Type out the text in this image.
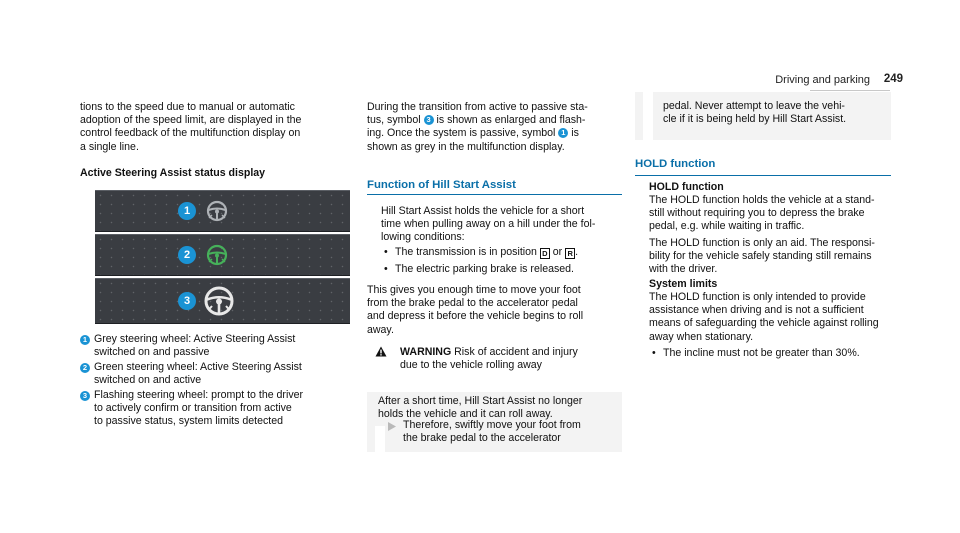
Driving and parking 249
tions to the speed due to manual or automatic
adoption of the speed limit, are displayed in the
control feedback of the multifunction display on
a single line.
Active Steering Assist status display
1
2
3
1 Grey steering wheel: Active Steering Assist
switched on and passive
2 Green steering wheel: Active Steering Assist
switched on and active
3 Flashing steering wheel: prompt to the driver
to actively confirm or transition from active
to passive status, system limits detected
During the transition from active to passive sta-
tus, symbol 3 is shown as enlarged and flash-
ing. Once the system is passive, symbol 1 is
shown as grey in the multifunction display.
Function of Hill Start Assist
Hill Start Assist holds the vehicle for a short
time when pulling away on a hill under the fol-
lowing conditions:
• The transmission is in position D or R .
• The electric parking brake is released.
This gives you enough time to move your foot
from the brake pedal to the accelerator pedal
and depress it before the vehicle begins to roll
away.
WARNING Risk of accident and injury
due to the vehicle rolling away
After a short time, Hill Start Assist no longer
holds the vehicle and it can roll away.
Therefore, swiftly move your foot from
the brake pedal to the accelerator
pedal. Never attempt to leave the vehi-
cle if it is being held by Hill Start Assist.
HOLD function
HOLD function
The HOLD function holds the vehicle at a stand-
still without requiring you to depress the brake
pedal, e.g. while waiting in traffic.
The HOLD function is only an aid. The responsi-
bility for the vehicle safely standing still remains
with the driver.
System limits
The HOLD function is only intended to provide
assistance when driving and is not a sufficient
means of safeguarding the vehicle against rolling
away when stationary.
• The incline must not be greater than 30%.
